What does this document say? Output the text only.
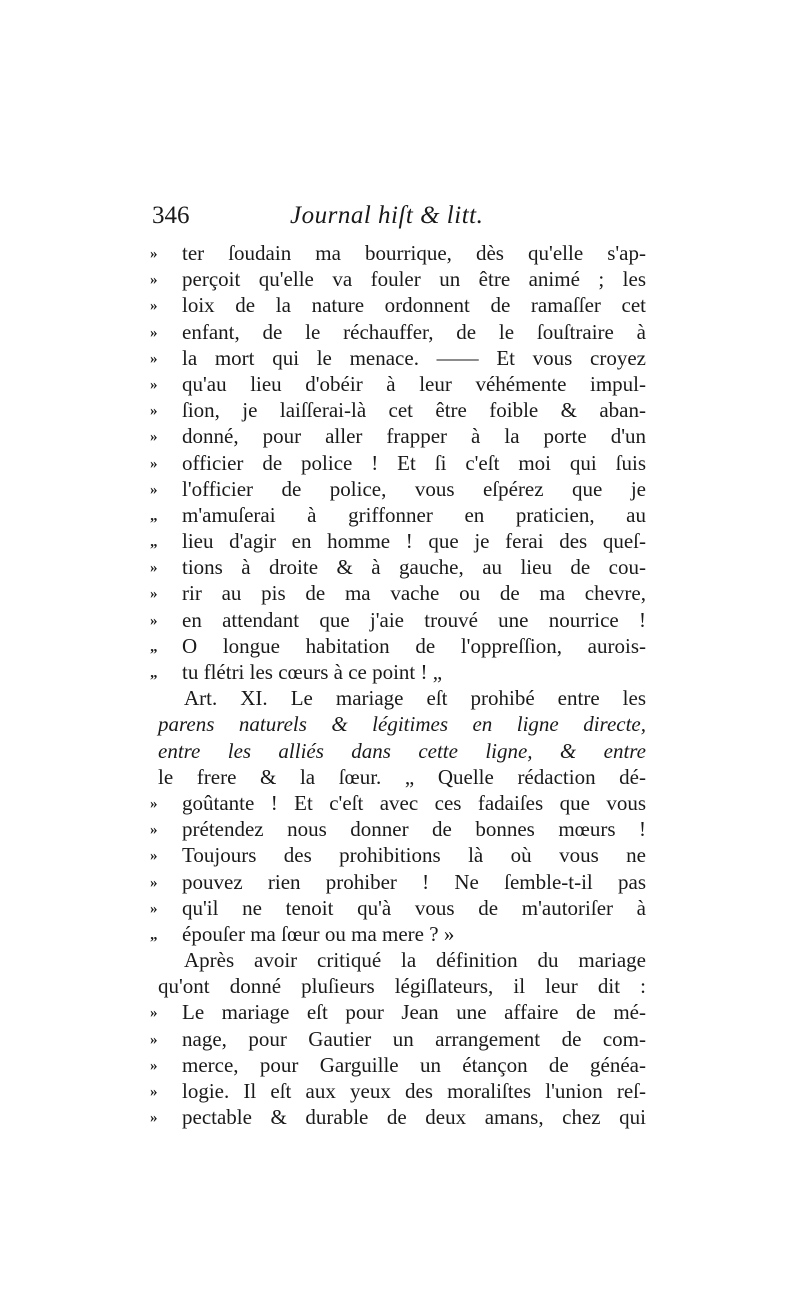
346	Journal hiſt & litt.
»	ter ſoudain ma bourrique, dès qu'elle s'ap-
»	perçoit qu'elle va fouler un être animé ; les
»	loix de la nature ordonnent de ramaſſer cet
»	enfant, de le réchauffer, de le ſouſtraire à
»	la mort qui le menace. —— Et vous croyez
»	qu'au lieu d'obéir à leur véhémente impul-
»	ſion, je laiſſerai-là cet être foible & aban-
»	donné, pour aller frapper à la porte d'un
»	officier de police ! Et ſi c'eſt moi qui ſuis
»	l'officier de police, vous eſpérez que je
„	m'amuſerai à griffonner en praticien, au
„	lieu d'agir en homme ! que je ferai des queſ-
»	tions à droite & à gauche, au lieu de cou-
»	rir au pis de ma vache ou de ma chevre,
»	en attendant que j'aie trouvé une nourrice !
„	O longue habitation de l'oppreſſion, aurois-
„	tu flétri les cœurs à ce point ! „
Art. XI. Le mariage eſt prohibé entre les
parens naturels & légitimes en ligne directe,
entre les alliés dans cette ligne, & entre
le frere & la ſœur. „ Quelle rédaction dé-
»	goûtante ! Et c'eſt avec ces fadaiſes que vous
»	prétendez nous donner de bonnes mœurs !
»	Toujours des prohibitions là où vous ne
»	pouvez rien prohiber ! Ne ſemble-t-il pas
»	qu'il ne tenoit qu'à vous de m'autoriſer à
„	épouſer ma ſœur ou ma mere ? »
Après avoir critiqué la définition du mariage
qu'ont donné pluſieurs légiſlateurs, il leur dit :
»	Le mariage eſt pour Jean une affaire de mé-
»	nage, pour Gautier un arrangement de com-
»	merce, pour Garguille un étançon de généa-
»	logie. Il eſt aux yeux des moraliſtes l'union reſ-
»	pectable & durable de deux amans, chez qui
